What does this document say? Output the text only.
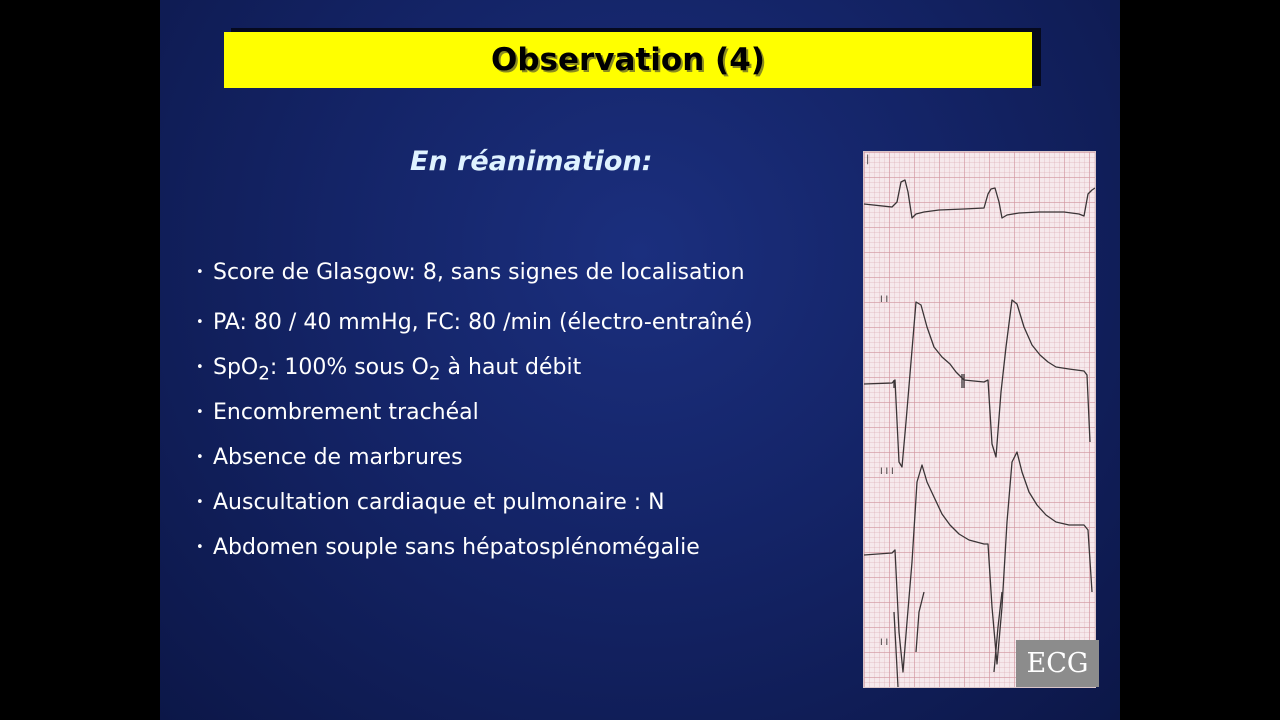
Observation (4)
En réanimation:
• Score de Glasgow: 8, sans signes de localisation
• PA: 80 / 40 mmHg, FC: 80 /min (électro-entraîné)
• SpO$_2$: 100% sous $O_2$ à haut débit
• Encombrement trachéal
• Absence de marbrures
• Auscultation cardiaque et pulmonaire : N
• Abdomen souple sans hépatosplénomégalie
|
I I
I I I
I I
ECG
